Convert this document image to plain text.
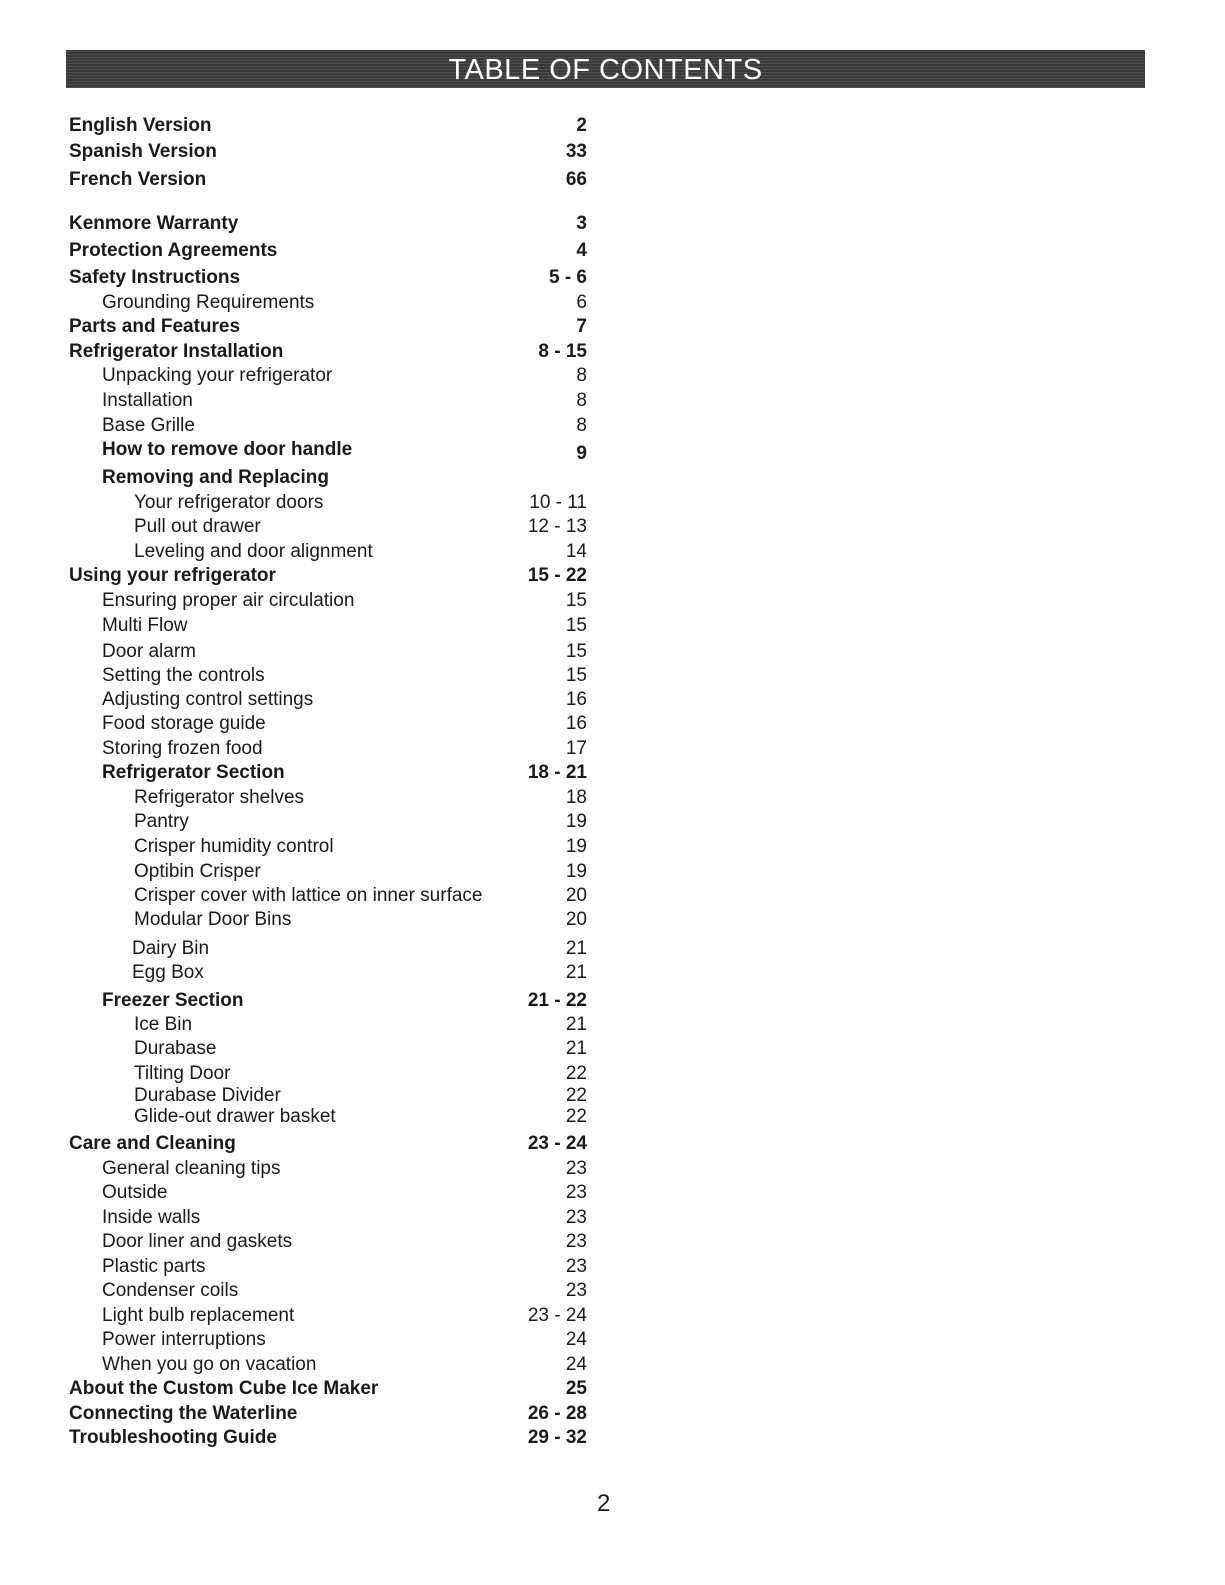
TABLE OF CONTENTS
English Version	2
Spanish Version	33
French Version	66
Kenmore Warranty	3
Protection Agreements	4
Safety Instructions	5 - 6
Grounding Requirements	6
Parts and Features	7
Refrigerator Installation	8 - 15
Unpacking your refrigerator	8
Installation	8
Base Grille	8
How to remove door handle	9
Removing and Replacing
Your refrigerator doors	10 - 11
Pull out drawer	12 - 13
Leveling and door alignment	14
Using your refrigerator	15 - 22
Ensuring proper air circulation	15
Multi Flow	15
Door alarm	15
Setting the controls	15
Adjusting control settings	16
Food storage guide	16
Storing frozen food	17
Refrigerator Section	18 - 21
Refrigerator shelves	18
Pantry	19
Crisper humidity control	19
Optibin Crisper	19
Crisper cover with lattice on inner surface	20
Modular Door Bins	20
Dairy Bin	21
Egg Box	21
Freezer Section	21 - 22
Ice Bin	21
Durabase	21
Tilting Door	22
Durabase Divider	22
Glide-out drawer basket	22
Care and Cleaning	23 - 24
General cleaning tips	23
Outside	23
Inside walls	23
Door liner and gaskets	23
Plastic parts	23
Condenser coils	23
Light bulb replacement	23 - 24
Power interruptions	24
When you go on vacation	24
About the Custom Cube Ice Maker	25
Connecting the Waterline	26 - 28
Troubleshooting Guide	29 - 32
2
